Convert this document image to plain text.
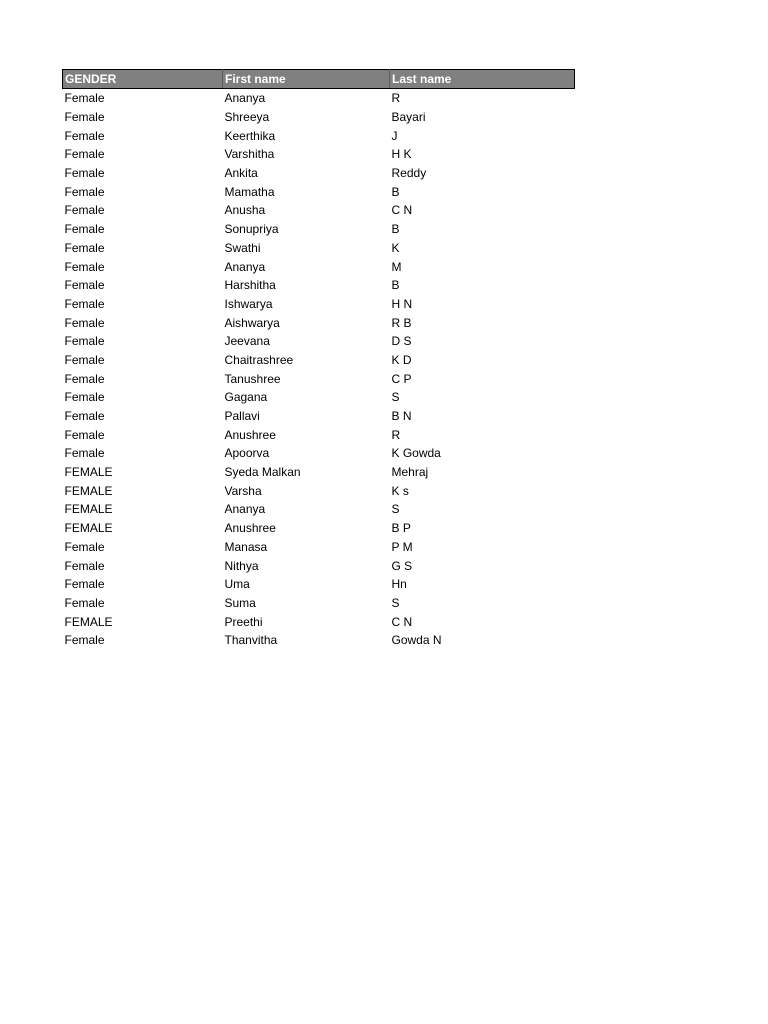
GENDER	First name	Last name
Female	Ananya	R
Female	Shreeya	Bayari
Female	Keerthika	J
Female	Varshitha	H K
Female	Ankita	Reddy
Female	Mamatha	B
Female	Anusha	C N
Female	Sonupriya	B
Female	Swathi	K
Female	Ananya	M
Female	Harshitha	B
Female	Ishwarya	H N
Female	Aishwarya	R B
Female	Jeevana	D S
Female	Chaitrashree	K D
Female	Tanushree	C P
Female	Gagana	S
Female	Pallavi	B N
Female	Anushree	R
Female	Apoorva	K Gowda
FEMALE	Syeda Malkan	Mehraj
FEMALE	Varsha	K s
FEMALE	Ananya	S
FEMALE	Anushree	B P
Female	Manasa	P M
Female	Nithya	G S
Female	Uma	Hn
Female	Suma	S
FEMALE	Preethi	C N
Female	Thanvitha	Gowda N
